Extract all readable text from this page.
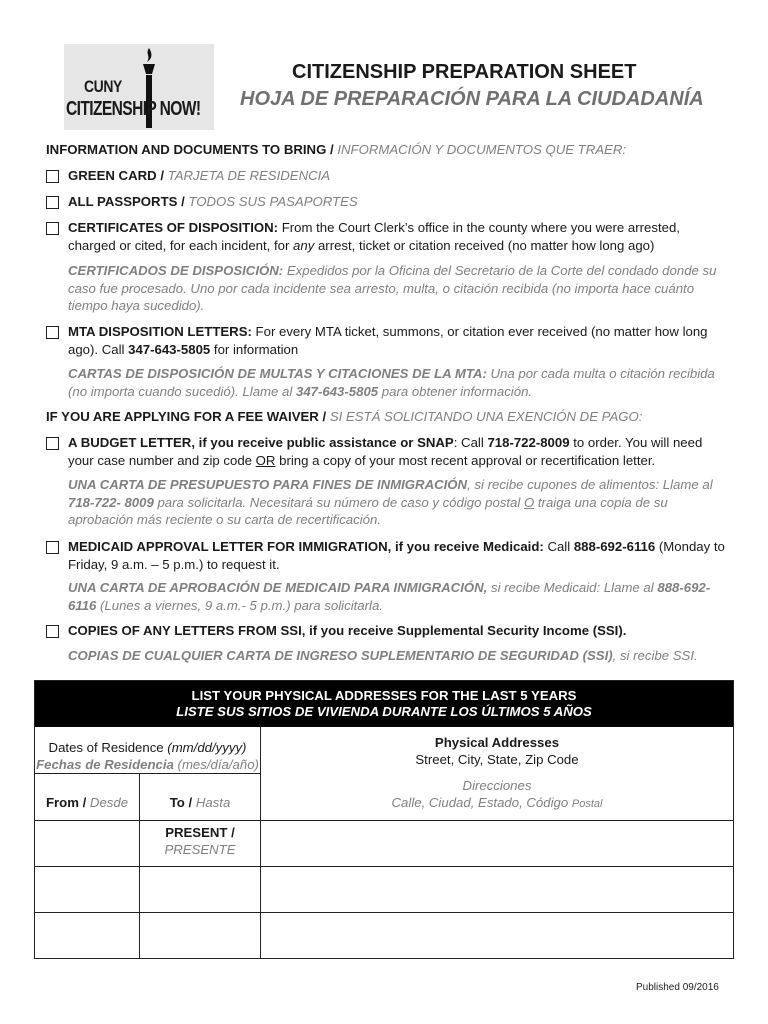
CUNY
CITIZENSHIP NOW!
CITIZENSHIP PREPARATION SHEET
HOJA DE PREPARACIÓN PARA LA CIUDADANÍA
INFORMATION AND DOCUMENTS TO BRING / INFORMACIÓN Y DOCUMENTOS QUE TRAER:
GREEN CARD / TARJETA DE RESIDENCIA
ALL PASSPORTS / TODOS SUS PASAPORTES
CERTIFICATES OF DISPOSITION: From the Court Clerk’s office in the county where you were arrested, charged or cited, for each incident, for any arrest, ticket or citation received (no matter how long ago)
CERTIFICADOS DE DISPOSICIÓN: Expedidos por la Oficina del Secretario de la Corte del condado donde su caso fue procesado. Uno por cada incidente sea arresto, multa, o citación recibida (no importa hace cuánto tiempo haya sucedido).
MTA DISPOSITION LETTERS: For every MTA ticket, summons, or citation ever received (no matter how long ago). Call 347-643-5805 for information
CARTAS DE DISPOSICIÓN DE MULTAS Y CITACIONES DE LA MTA: Una por cada multa o citación recibida (no importa cuando sucedió). Llame al 347-643-5805 para obtener información.
IF YOU ARE APPLYING FOR A FEE WAIVER / SI ESTÁ SOLICITANDO UNA EXENCIÓN DE PAGO:
A BUDGET LETTER, if you receive public assistance or SNAP: Call 718-722-8009 to order. You will need your case number and zip code OR bring a copy of your most recent approval or recertification letter.
UNA CARTA DE PRESUPUESTO PARA FINES DE INMIGRACIÓN, si recibe cupones de alimentos: Llame al 718-722- 8009 para solicitarla. Necesitará su número de caso y código postal O traiga una copia de su aprobación más reciente o su carta de recertificación.
MEDICAID APPROVAL LETTER FOR IMMIGRATION, if you receive Medicaid: Call 888-692-6116 (Monday to Friday, 9 a.m. – 5 p.m.) to request it.
UNA CARTA DE APROBACIÓN DE MEDICAID PARA INMIGRACIÓN, si recibe Medicaid: Llame al 888-692-6116 (Lunes a viernes, 9 a.m.- 5 p.m.) para solicitarla.
COPIES OF ANY LETTERS FROM SSI, if you receive Supplemental Security Income (SSI).
COPIAS DE CUALQUIER CARTA DE INGRESO SUPLEMENTARIO DE SEGURIDAD (SSI), si recibe SSI.
LIST YOUR PHYSICAL ADDRESSES FOR THE LAST 5 YEARS
LISTE SUS SITIOS DE VIVIENDA DURANTE LOS ÚLTIMOS 5 AÑOS
Dates of Residence (mm/dd/yyyy)
Fechas de Residencia (mes/día/año)
From / Desde	To / Hasta
Physical Addresses
Street, City, State, Zip Code
Direcciones
Calle, Ciudad, Estado, Código Postal
PRESENT /
PRESENTE
Published 09/2016
